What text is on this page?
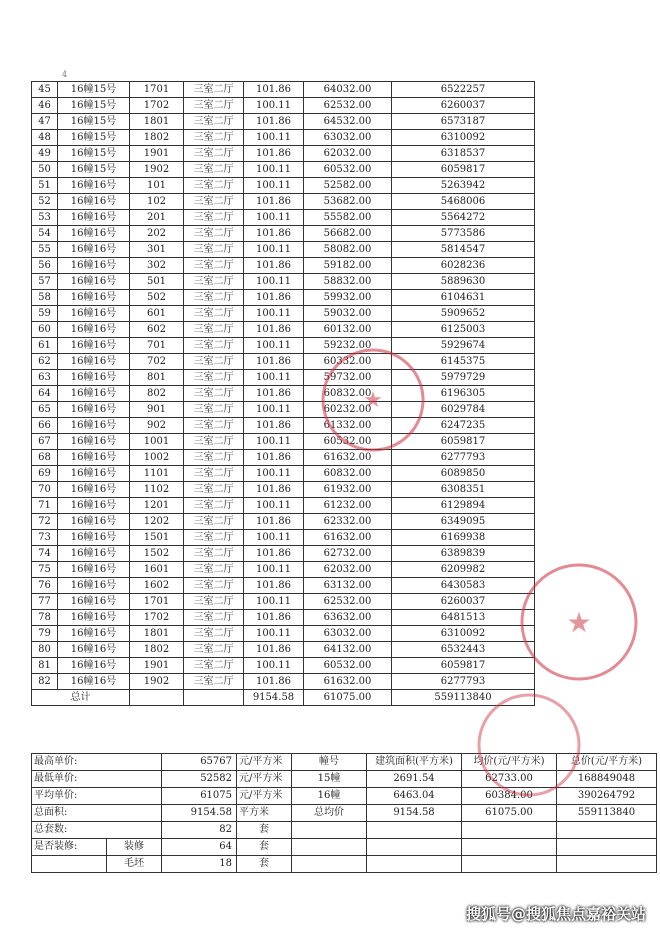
4
45	16幢15号	1701	三室二厅	101.86	64032.00	6522257
46	16幢15号	1702	三室二厅	100.11	62532.00	6260037
47	16幢15号	1801	三室二厅	101.86	64532.00	6573187
48	16幢15号	1802	三室二厅	100.11	63032.00	6310092
49	16幢15号	1901	三室二厅	101.86	62032.00	6318537
50	16幢15号	1902	三室二厅	100.11	60532.00	6059817
51	16幢16号	101	三室二厅	100.11	52582.00	5263942
52	16幢16号	102	三室二厅	101.86	53682.00	5468006
53	16幢16号	201	三室二厅	100.11	55582.00	5564272
54	16幢16号	202	三室二厅	101.86	56682.00	5773586
55	16幢16号	301	三室二厅	100.11	58082.00	5814547
56	16幢16号	302	三室二厅	101.86	59182.00	6028236
57	16幢16号	501	三室二厅	100.11	58832.00	5889630
58	16幢16号	502	三室二厅	101.86	59932.00	6104631
59	16幢16号	601	三室二厅	100.11	59032.00	5909652
60	16幢16号	602	三室二厅	101.86	60132.00	6125003
61	16幢16号	701	三室二厅	100.11	59232.00	5929674
62	16幢16号	702	三室二厅	101.86	60332.00	6145375
63	16幢16号	801	三室二厅	100.11	59732.00	5979729
64	16幢16号	802	三室二厅	101.86	60832.00	6196305
65	16幢16号	901	三室二厅	100.11	60232.00	6029784
66	16幢16号	902	三室二厅	101.86	61332.00	6247235
67	16幢16号	1001	三室二厅	100.11	60532.00	6059817
68	16幢16号	1002	三室二厅	101.86	61632.00	6277793
69	16幢16号	1101	三室二厅	100.11	60832.00	6089850
70	16幢16号	1102	三室二厅	101.86	61932.00	6308351
71	16幢16号	1201	三室二厅	100.11	61232.00	6129894
72	16幢16号	1202	三室二厅	101.86	62332.00	6349095
73	16幢16号	1501	三室二厅	100.11	61632.00	6169938
74	16幢16号	1502	三室二厅	101.86	62732.00	6389839
75	16幢16号	1601	三室二厅	100.11	62032.00	6209982
76	16幢16号	1602	三室二厅	101.86	63132.00	6430583
77	16幢16号	1701	三室二厅	100.11	62532.00	6260037
78	16幢16号	1702	三室二厅	101.86	63632.00	6481513
79	16幢16号	1801	三室二厅	100.11	63032.00	6310092
80	16幢16号	1802	三室二厅	101.86	64132.00	6532443
81	16幢16号	1901	三室二厅	100.11	60532.00	6059817
82	16幢16号	1902	三室二厅	101.86	61632.00	6277793
总计				9154.58	61075.00	559113840
最高单价:		65767	元/平方米	幢号	建筑面积(平方米)	均价(元/平方米)	总价(元/平方米)
最低单价:		52582	元/平方米	15幢	2691.54	62733.00	168849048
平均单价:		61075	元/平方米	16幢	6463.04	60384.00	390264792
总面积:		9154.58	平方米	总均价	9154.58	61075.00	559113840
总套数:		82	套				
是否装修:	装修	64	套				
	毛坯	18	套				
★
★
搜狐号@搜狐焦点嘉裕关站
